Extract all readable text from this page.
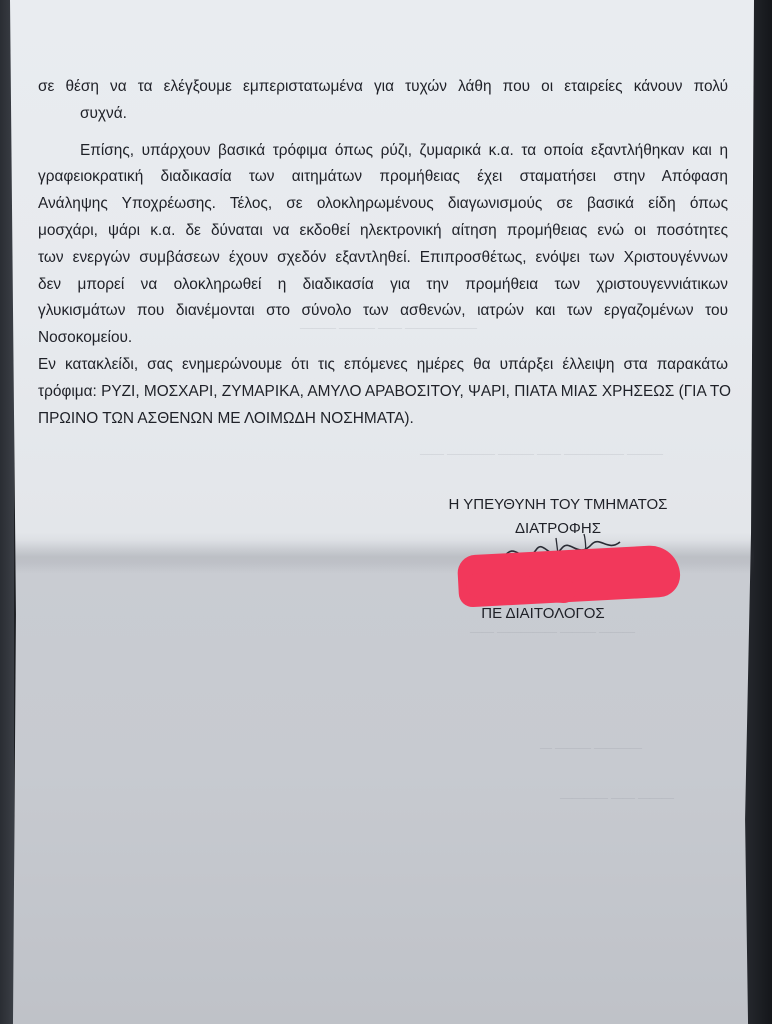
—————— —— ——— ———
——— ————— —— ——— ———— ——
——— ——— ————— ——
———— ——— —
——— —— ————
σε θέση να τα ελέγξουμε εμπεριστατωμένα για τυχών λάθη που οι εταιρείες κάνουν πολύ
συχνά.
Επίσης, υπάρχουν βασικά τρόφιμα όπως ρύζι, ζυμαρικά κ.α. τα οποία εξαντλήθηκαν και η
γραφειοκρατική διαδικασία των αιτημάτων προμήθειας έχει σταματήσει στην Απόφαση
Ανάληψης Υποχρέωσης. Τέλος, σε ολοκληρωμένους διαγωνισμούς σε βασικά είδη όπως
μοσχάρι, ψάρι κ.α. δε δύναται να εκδοθεί ηλεκτρονική αίτηση προμήθειας ενώ οι ποσότητες
των ενεργών συμβάσεων έχουν σχεδόν εξαντληθεί. Επιπροσθέτως, ενόψει των Χριστουγέννων
δεν μπορεί να ολοκληρωθεί η διαδικασία για την προμήθεια των χριστουγεννιάτικων
γλυκισμάτων που διανέμονται στο σύνολο των ασθενών, ιατρών και των εργαζομένων του
Νοσοκομείου.
Εν κατακλείδι, σας ενημερώνουμε ότι τις επόμενες ημέρες θα υπάρξει έλλειψη στα παρακάτω
τρόφιμα: ΡΥΖΙ, ΜΟΣΧΑΡΙ, ΖΥΜΑΡΙΚΑ, ΑΜΥΛΟ ΑΡΑΒΟΣΙΤΟΥ, ΨΑΡΙ, ΠΙΑΤΑ ΜΙΑΣ ΧΡΗΣΕΩΣ (ΓΙΑ ΤΟ
ΠΡΩΙΝΟ ΤΩΝ ΑΣΘΕΝΩΝ ΜΕ ΛΟΙΜΩΔΗ ΝΟΣΗΜΑΤΑ).
Η ΥΠΕΥΘΥΝΗ ΤΟΥ ΤΜΗΜΑΤΟΣ
ΔΙΑΤΡΟΦΗΣ
ΠΕ ΔΙΑΙΤΟΛΟΓΟΣ
